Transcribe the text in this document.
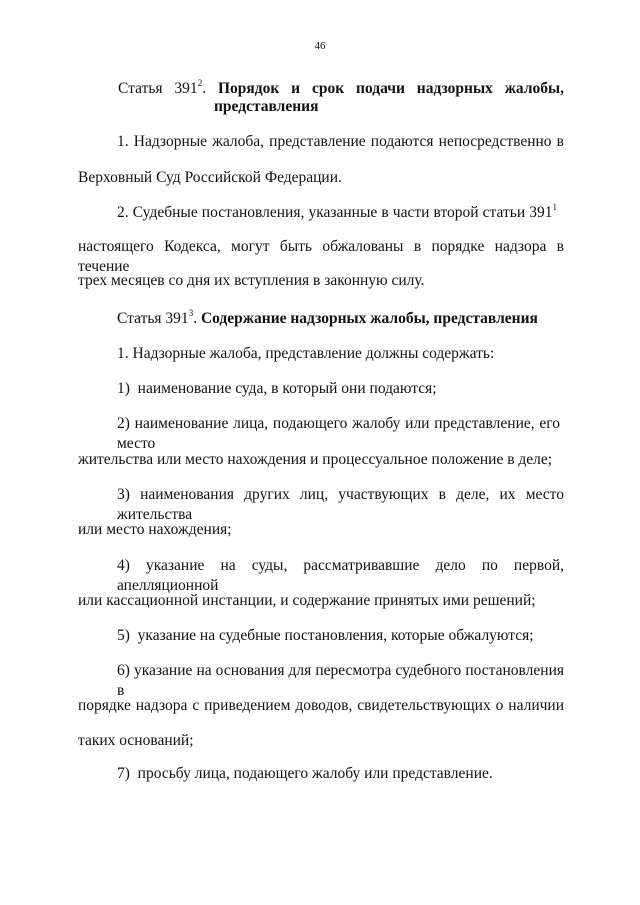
46
Статья $391^2$. Порядок и срок подачи надзорных жалобы,
представления
1. Надзорные жалоба, представление подаются непосредственно в
Верховный Суд Российской Федерации.
2. Судебные постановления, указанные в части второй статьи $391^1$
настоящего Кодекса, могут быть обжалованы в порядке надзора в течение
трех месяцев со дня их вступления в законную силу.
Статья $391^3$. Содержание надзорных жалобы, представления
1. Надзорные жалоба, представление должны содержать:
1)  наименование суда, в который они подаются;
2) наименование лица, подающего жалобу или представление, его место
жительства или место нахождения и процессуальное положение в деле;
3) наименования других лиц, участвующих в деле, их место жительства
или место нахождения;
4) указание на суды, рассматривавшие дело по первой, апелляционной
или кассационной инстанции, и содержание принятых ими решений;
5)  указание на судебные постановления, которые обжалуются;
6) указание на основания для пересмотра судебного постановления в
порядке надзора с приведением доводов, свидетельствующих о наличии
таких оснований;
7)  просьбу лица, подающего жалобу или представление.
